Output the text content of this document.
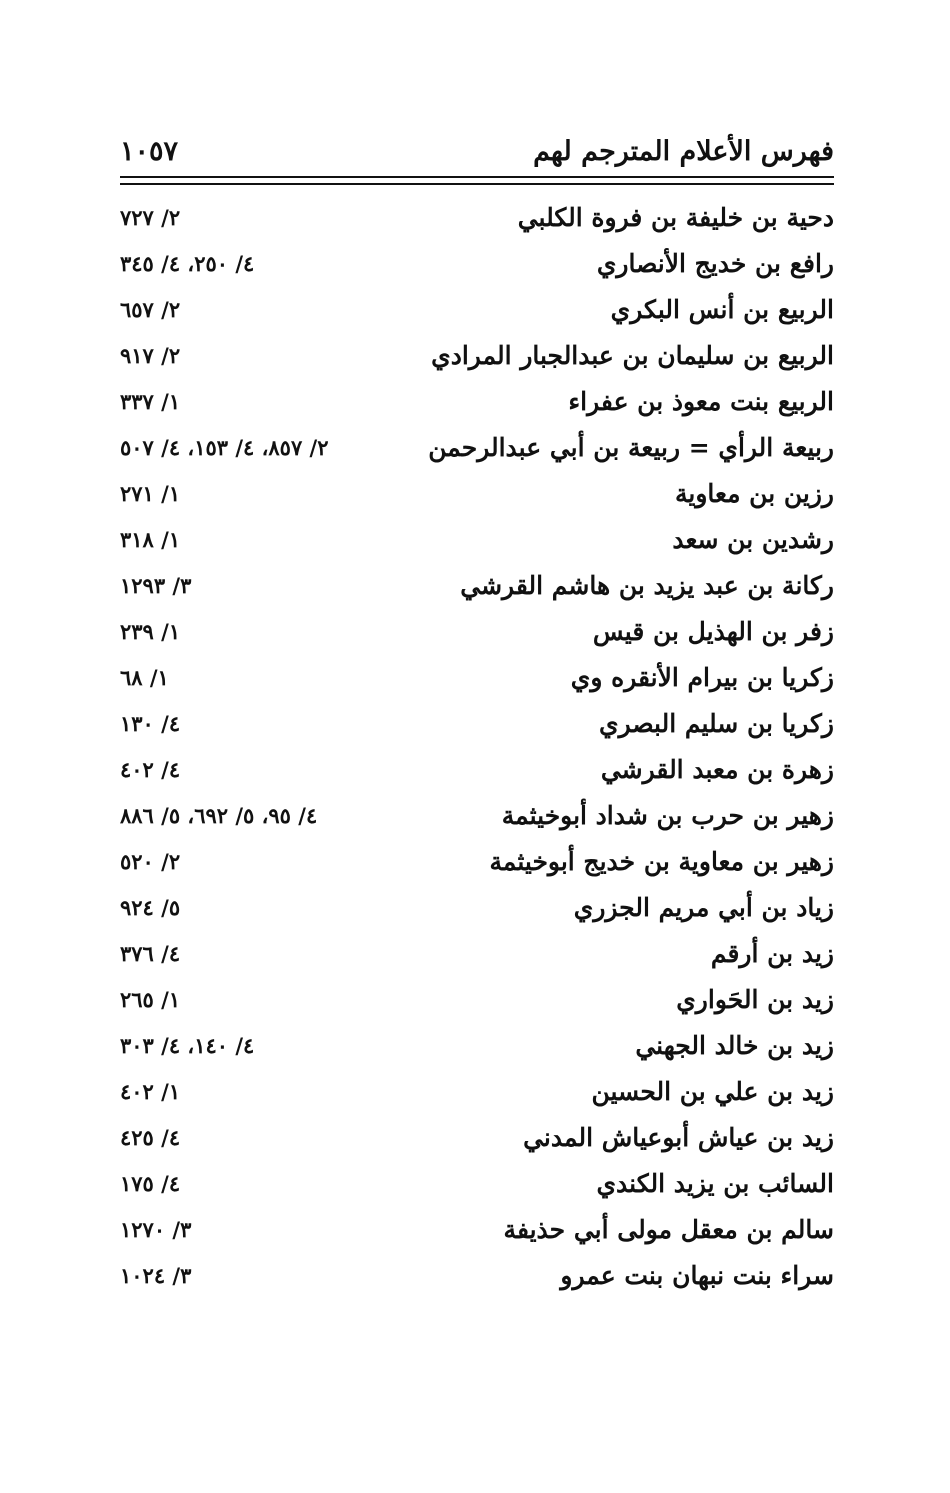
فهرس الأعلام المترجم لهم
١٠٥٧
دحية بن خليفة بن فروة الكلبي
٢/ ٧٢٧
رافع بن خديج الأنصاري
٤/ ٢٥٠، ٤/ ٣٤٥
الربيع بن أنس البكري
٢/ ٦٥٧
الربيع بن سليمان بن عبدالجبار المرادي
٢/ ٩١٧
الربيع بنت معوذ بن عفراء
١/ ٣٣٧
ربيعة الرأي = ربيعة بن أبي عبدالرحمن
٢/ ٨٥٧، ٤/ ١٥٣، ٤/ ٥٠٧
رزين بن معاوية
١/ ٢٧١
رشدين بن سعد
١/ ٣١٨
ركانة بن عبد يزيد بن هاشم القرشي
٣/ ١٢٩٣
زفر بن الهذيل بن قيس
١/ ٢٣٩
زكريا بن بيرام الأنقره وي
١/ ٦٨
زكريا بن سليم البصري
٤/ ١٣٠
زهرة بن معبد القرشي
٤/ ٤٠٢
زهير بن حرب بن شداد أبوخيثمة
٤/ ٩٥، ٥/ ٦٩٢، ٥/ ٨٨٦
زهير بن معاوية بن خديج أبوخيثمة
٢/ ٥٢٠
زياد بن أبي مريم الجزري
٥/ ٩٢٤
زيد بن أرقم
٤/ ٣٧٦
زيد بن الحَواري
١/ ٢٦٥
زيد بن خالد الجهني
٤/ ١٤٠، ٤/ ٣٠٣
زيد بن علي بن الحسين
١/ ٤٠٢
زيد بن عياش أبوعياش المدني
٤/ ٤٢٥
السائب بن يزيد الكندي
٤/ ١٧٥
سالم بن معقل مولى أبي حذيفة
٣/ ١٢٧٠
سراء بنت نبهان بنت عمرو
٣/ ١٠٢٤
